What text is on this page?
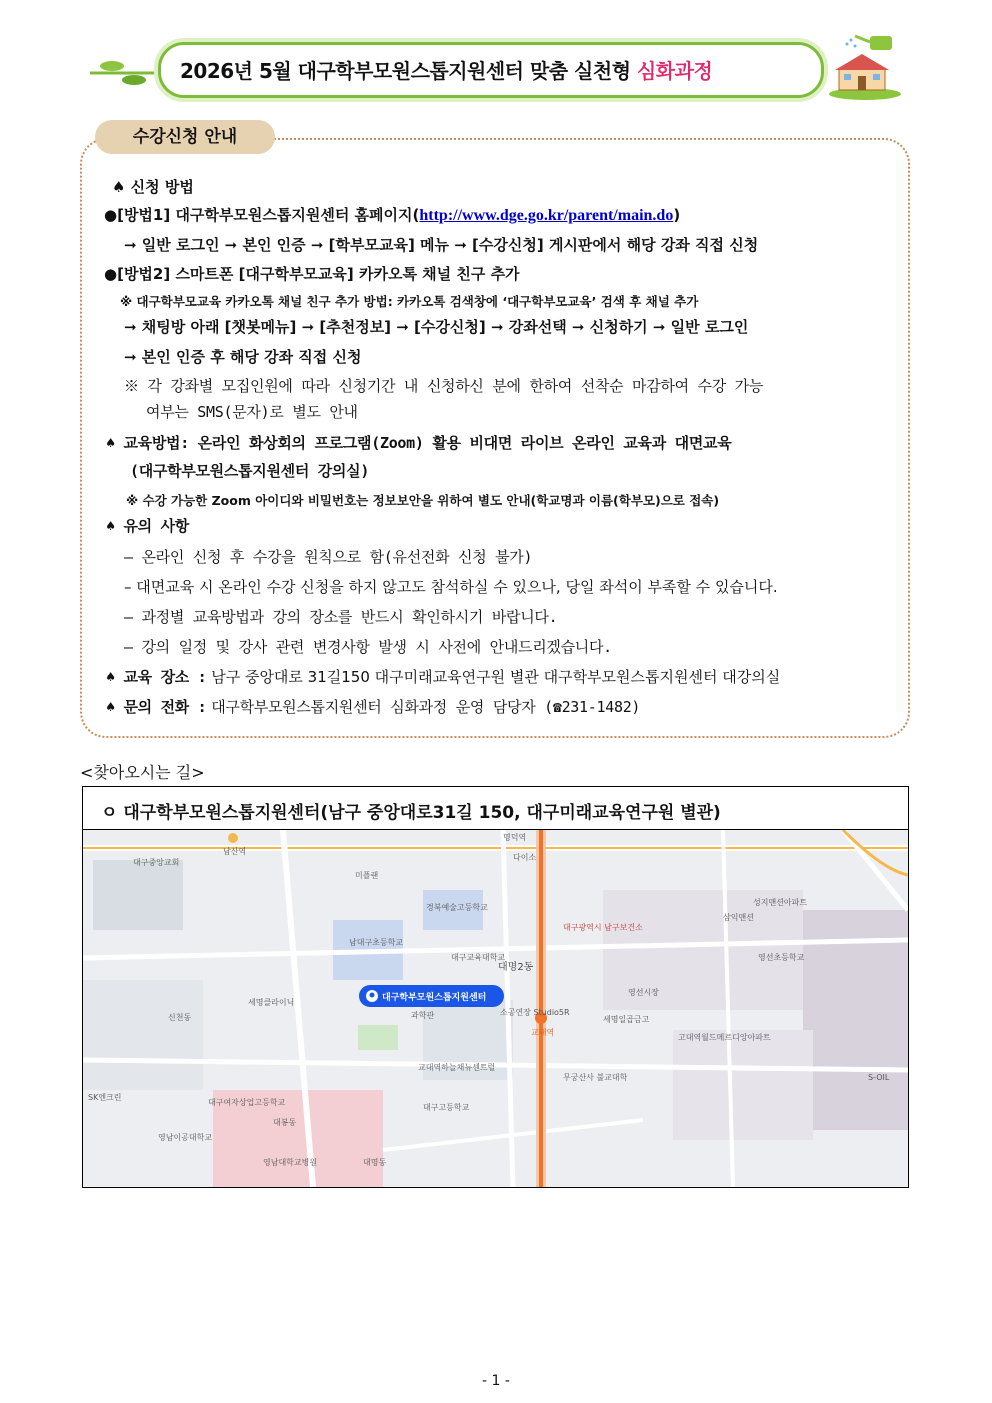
2026년 5월 대구학부모원스톱지원센터 맞춤 실천형 심화과정
수강신청 안내
♠ 신청 방법
●[방법1] 대구학부모원스톱지원센터 홈페이지(http://www.dge.go.kr/parent/main.do)
➞ 일반 로그인 ➞ 본인 인증 ➞ [학부모교육] 메뉴 ➞ [수강신청] 게시판에서 해당 강좌 직접 신청
●[방법2] 스마트폰 [대구학부모교육] 카카오톡 채널 친구 추가
※ 대구학부모교육 카카오톡 채널 친구 추가 방법: 카카오톡 검색창에 ‘대구학부모교육’ 검색 후 채널 추가
➞ 채팅방 아래 [챗봇메뉴] ➞ [추천정보] ➞ [수강신청] ➞ 강좌선택 ➞ 신청하기 ➞ 일반 로그인
➞ 본인 인증 후 해당 강좌 직접 신청
※ 각 강좌별 모집인원에 따라 신청기간 내 신청하신 분에 한하여 선착순 마감하여 수강 가능
여부는 SMS(문자)로 별도 안내
♠ 교육방법: 온라인 화상회의 프로그램(Zoom) 활용 비대면 라이브 온라인 교육과 대면교육
(대구학부모원스톱지원센터 강의실)
※ 수강 가능한 Zoom 아이디와 비밀번호는 정보보안을 위하여 별도 안내(학교명과 이름(학부모)으로 접속)
♠ 유의 사항
– 온라인 신청 후 수강을 원칙으로 함(유선전화 신청 불가)
– 대면교육 시 온라인 수강 신청을 하지 않고도 참석하실 수 있으나, 당일 좌석이 부족할 수 있습니다.
– 과정별 교육방법과 강의 장소를 반드시 확인하시기 바랍니다.
– 강의 일정 및 강사 관련 변경사항 발생 시 사전에 안내드리겠습니다.
♠ 교육 장소 : 남구 중앙대로 31길150 대구미래교육연구원 별관 대구학부모원스톱지원센터 대강의실
♠ 문의 전화 : 대구학부모원스톱지원센터 심화과정 운영 담당자 (☎231-1482)
<찾아오시는 길>
ㅇ 대구학부모원스톱지원센터(남구 중앙대로31길 150, 대구미래교육연구원 별관)
대구학부모원스톱지원센터
남산역
명덕역
대명2동
교대역
대구교육대학교
남대구초등학교
경북예술고등학교
영선시장
과학관
영남대학교병원
대구고등학교
S-OIL
SK엔크린
영선초등학교
세명클라이닉
성지맨션아파트
대구광역시 남구보건소
교대역하늘채뉴센트럴
대구여자상업고등학교
대명동
삼익맨션
대구중앙교회
다이소
미플랜
소공연장 Studio5R
무궁산사 불교대학
영남이공대학교
고대역월드메르디앙아파트
세명일곱금고
대봉동
신천동
- 1 -
